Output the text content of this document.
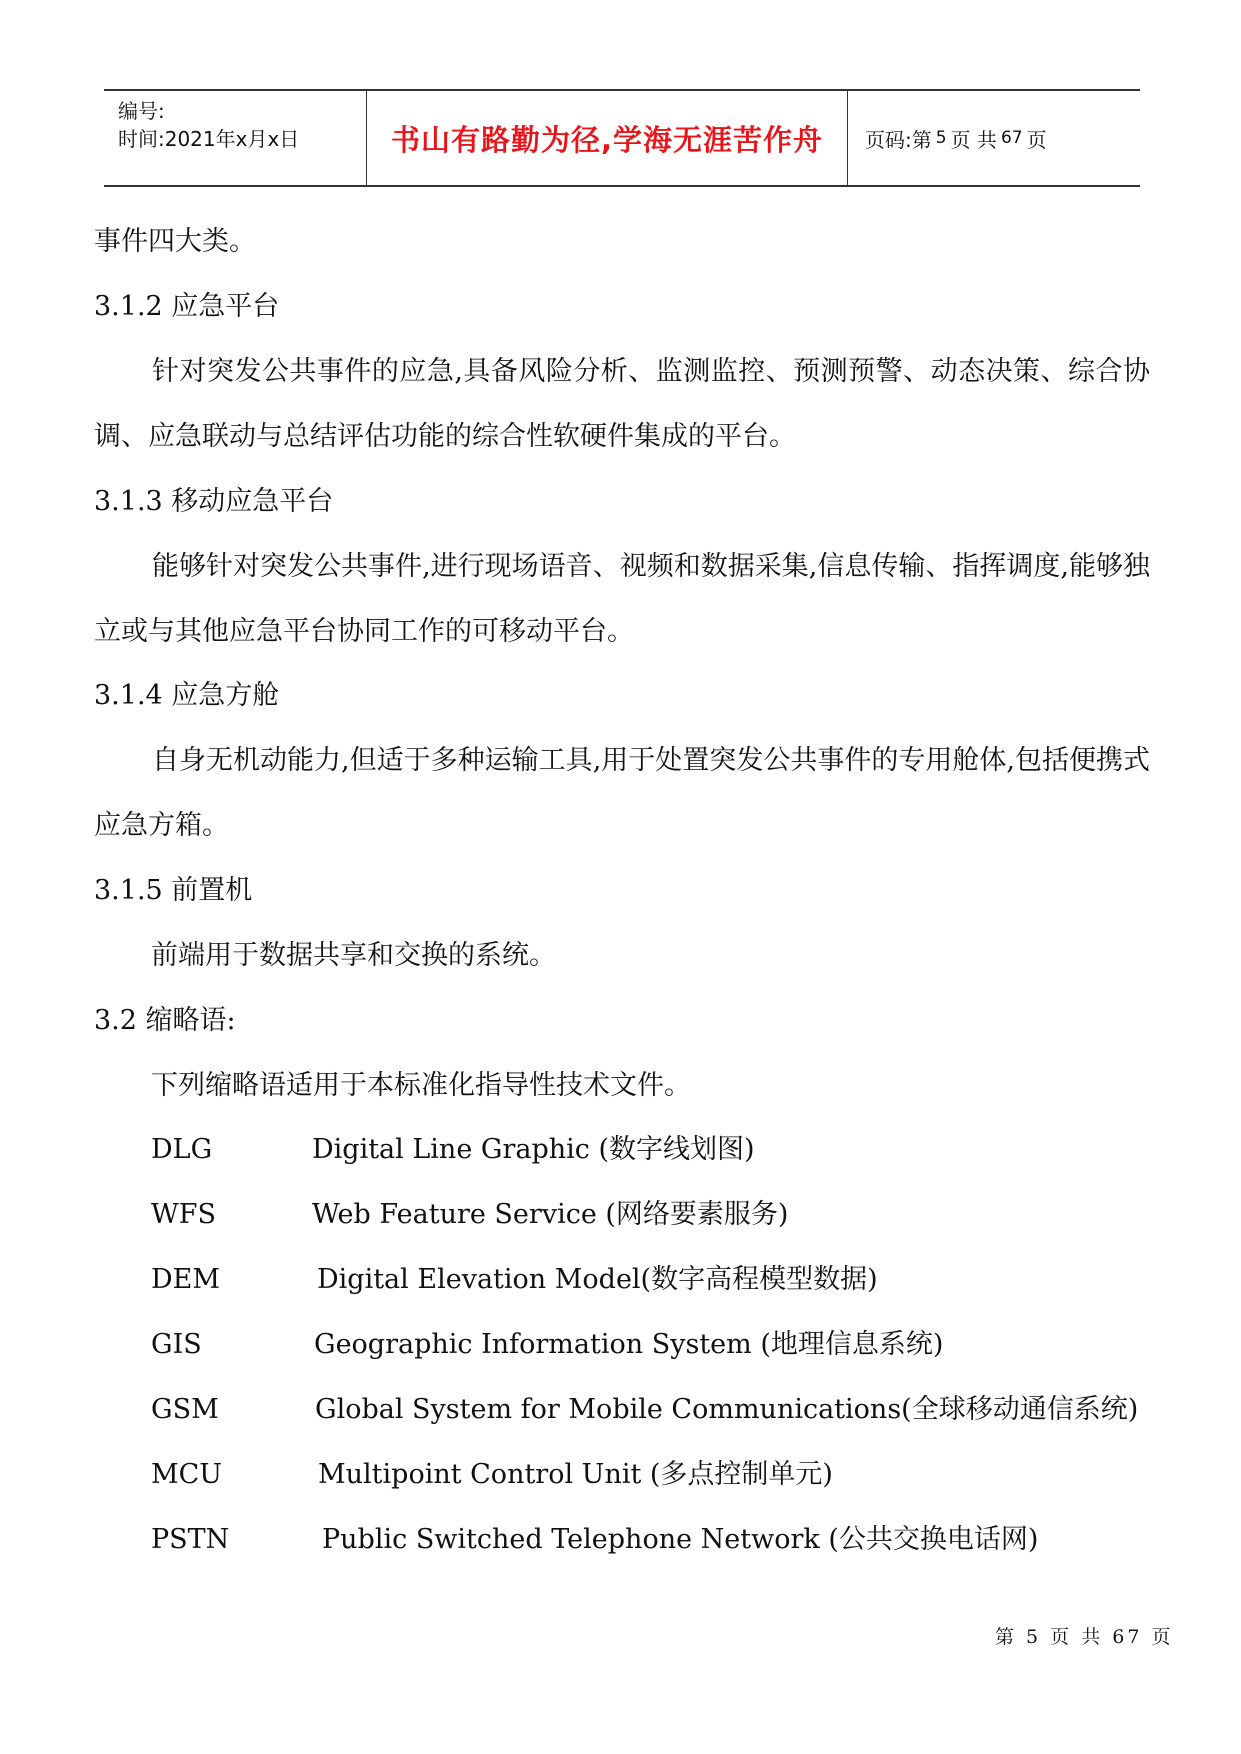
编号:
时间:2021年x月x日	书山有路勤为径,学海无涯苦作舟	页码:第 5 页 共 67 页
事件四大类。
3.1.2 应急平台
针对突发公共事件的应急,具备风险分析、监测监控、预测预警、动态决策、综合协调、应急联动与总结评估功能的综合性软硬件集成的平台。
3.1.3 移动应急平台
能够针对突发公共事件,进行现场语音、视频和数据采集,信息传输、指挥调度,能够独立或与其他应急平台协同工作的可移动平台。
3.1.4 应急方舱
自身无机动能力,但适于多种运输工具,用于处置突发公共事件的专用舱体,包括便携式应急方箱。
3.1.5 前置机
前端用于数据共享和交换的系统。
3.2 缩略语:
下列缩略语适用于本标准化指导性技术文件。
DLG	Digital Line Graphic (数字线划图)
WFS	Web Feature Service (网络要素服务)
DEM	Digital Elevation Model(数字高程模型数据)
GIS	Geographic Information System (地理信息系统)
GSM	Global System for Mobile Communications(全球移动通信系统)
MCU	Multipoint Control Unit (多点控制单元)
PSTN	Public Switched Telephone Network (公共交换电话网)
第 5 页 共 67 页
